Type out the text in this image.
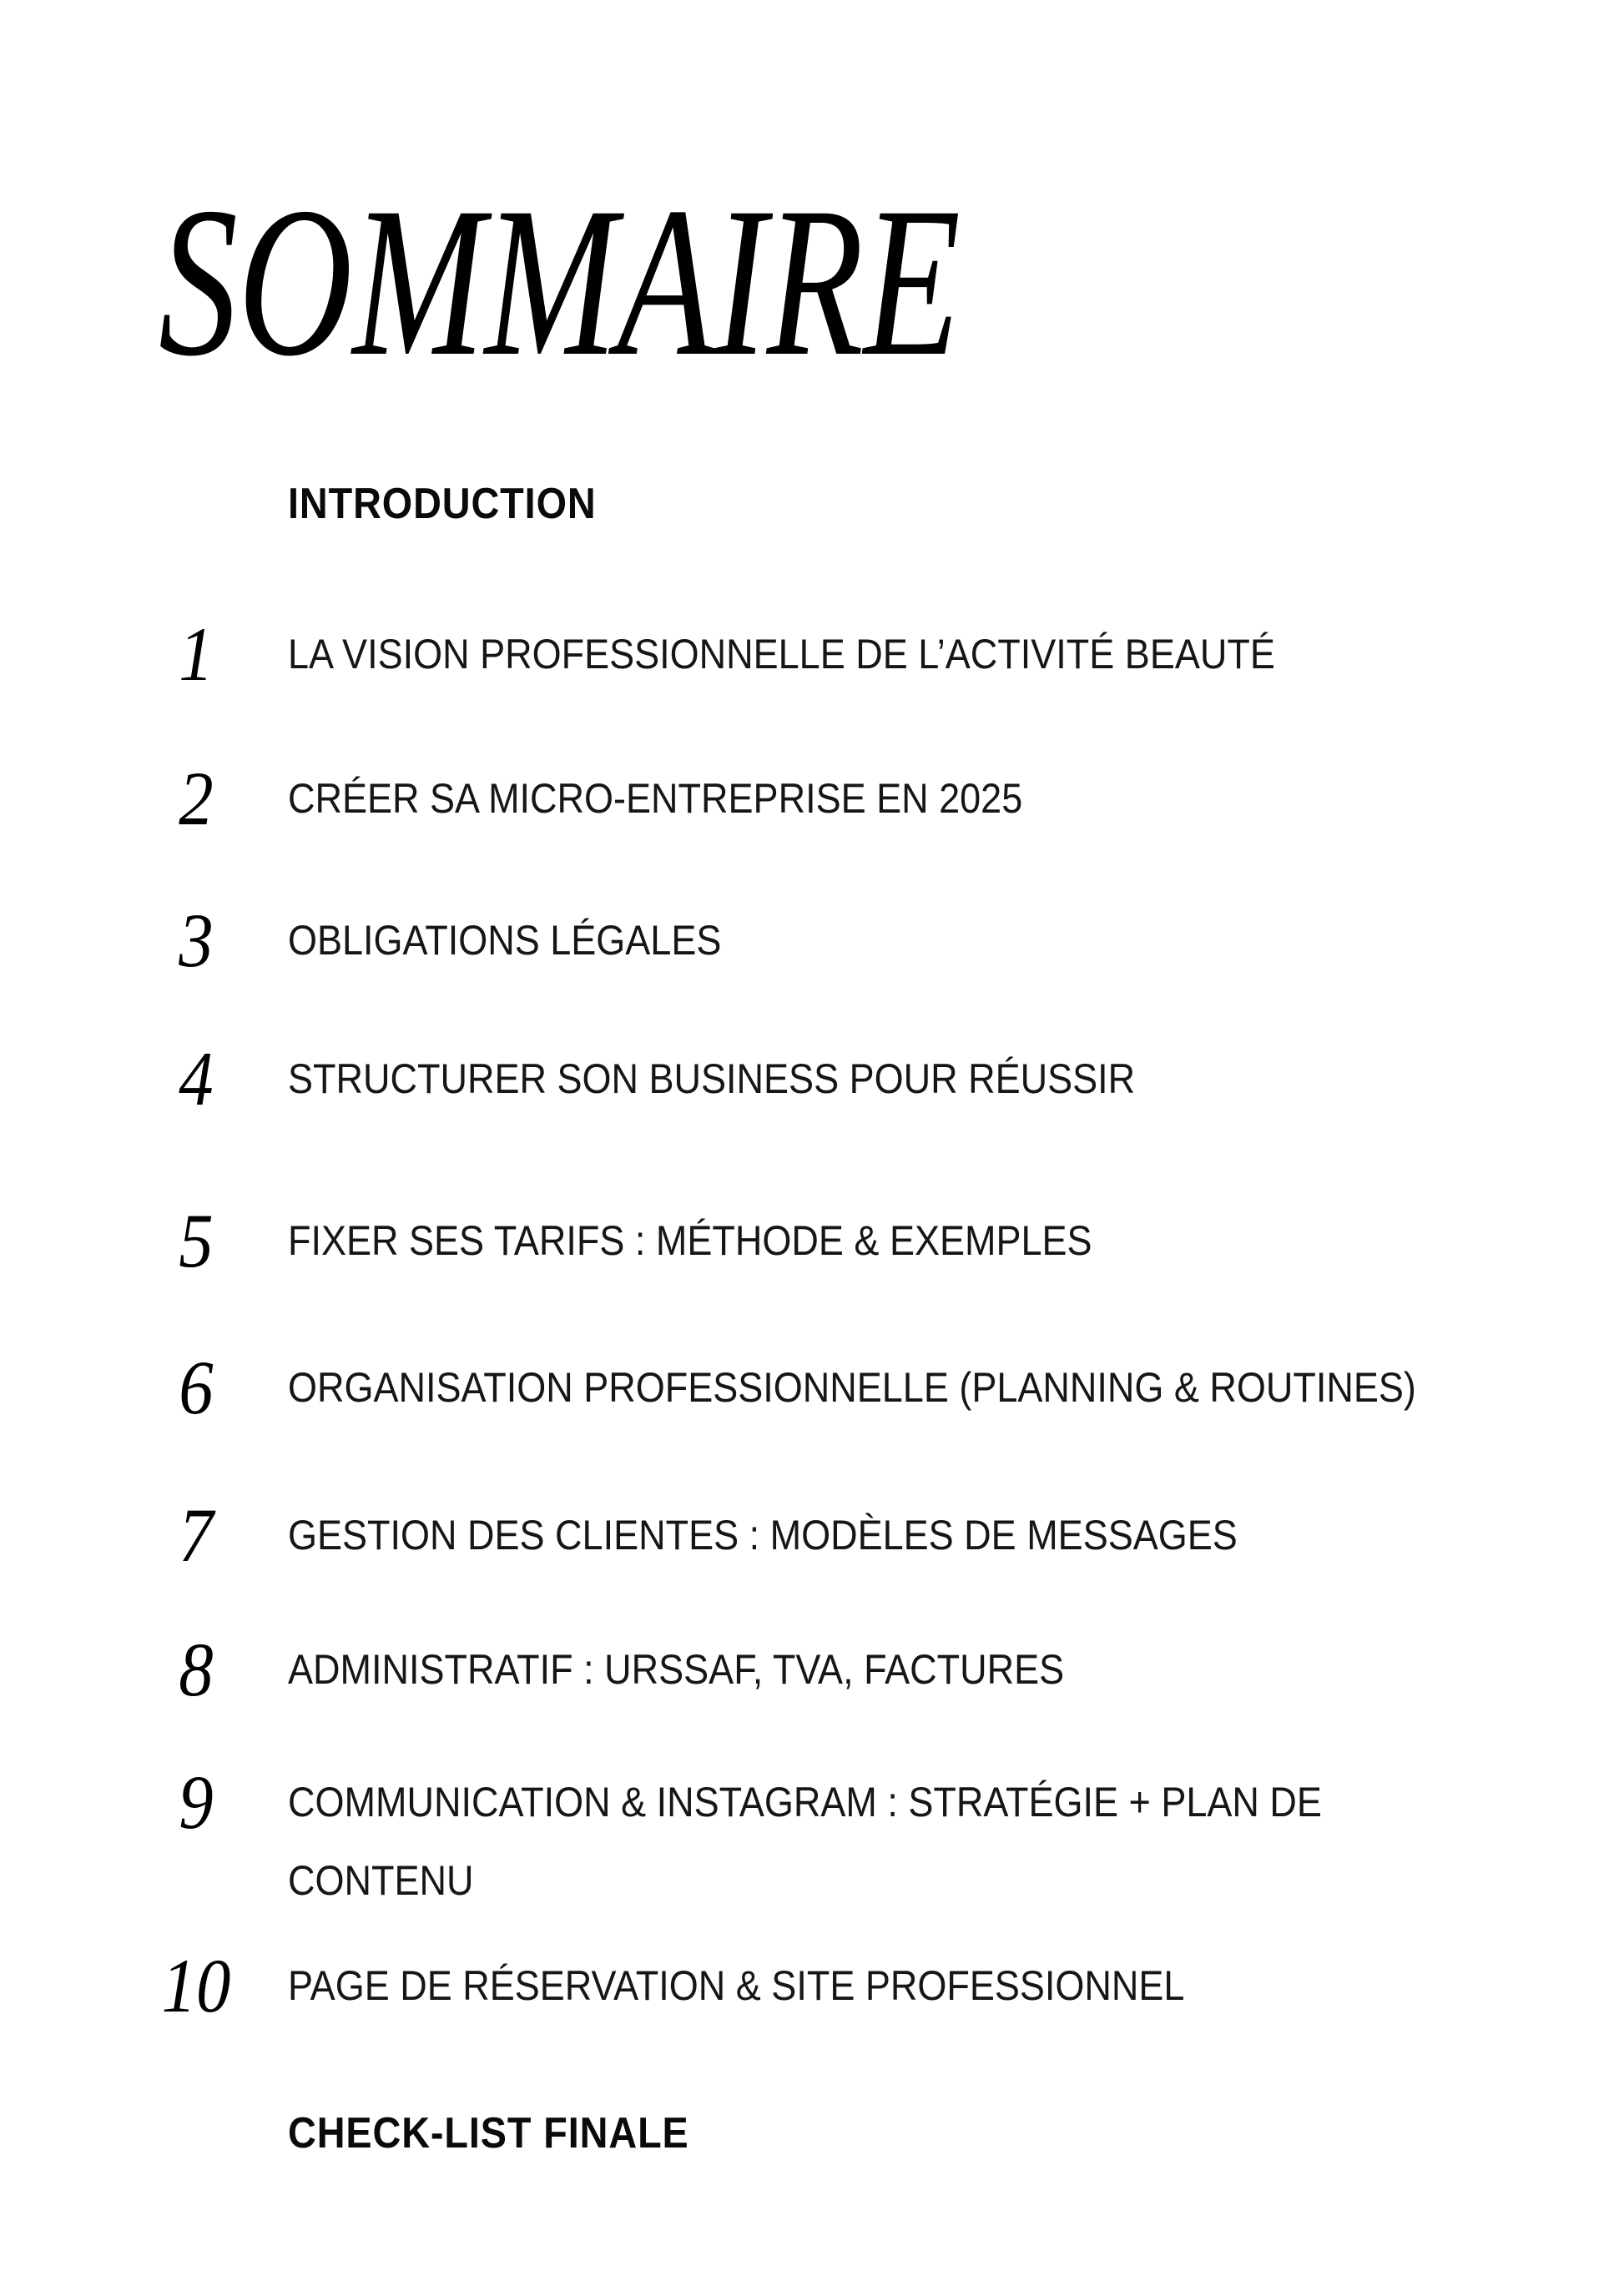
SOMMAIRE
INTRODUCTION
1	LA VISION PROFESSIONNELLE DE L’ACTIVITÉ BEAUTÉ
2	CRÉER SA MICRO-ENTREPRISE EN 2025
3	OBLIGATIONS LÉGALES
4	STRUCTURER SON BUSINESS POUR RÉUSSIR
5	FIXER SES TARIFS : MÉTHODE & EXEMPLES
6	ORGANISATION PROFESSIONNELLE (PLANNING & ROUTINES)
7	GESTION DES CLIENTES : MODÈLES DE MESSAGES
8	ADMINISTRATIF : URSSAF, TVA, FACTURES
9	COMMUNICATION & INSTAGRAM : STRATÉGIE + PLAN DE CONTENU
10	PAGE DE RÉSERVATION & SITE PROFESSIONNEL
CHECK-LIST FINALE
